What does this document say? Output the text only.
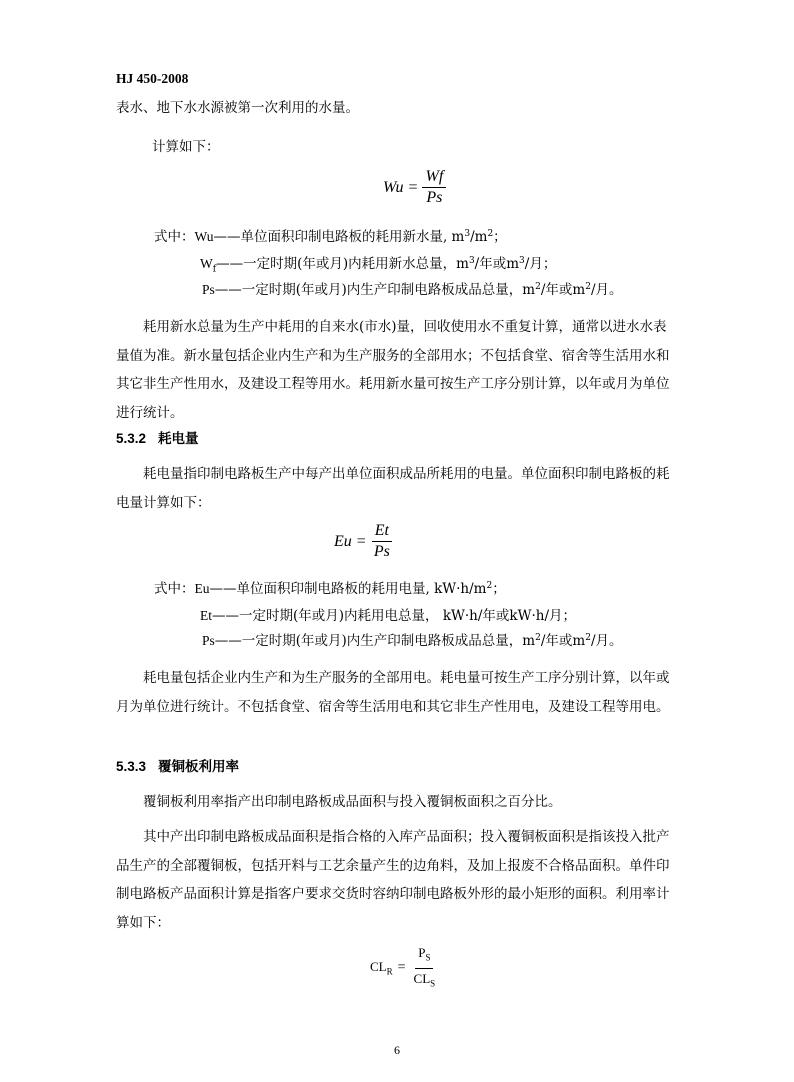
HJ 450-2008
表水、地下水水源被第一次利用的水量。
计算如下：
$Wu = \frac{Wf}{Ps}$
式中：Wu——单位面积印制电路板的耗用新水量, $m^3/m^2$；
$W_f——$一定时期(年或月)内耗用新水总量，$m^3/$年或$m^3/$月；
Ps——一定时期(年或月)内生产印制电路板成品总量，$m^2/$年或$m^2/$月。
耗用新水总量为生产中耗用的自来水(市水)量，回收使用水不重复计算，通常以进水水表量值为准。新水量包括企业内生产和为生产服务的全部用水；不包括食堂、宿舍等生活用水和其它非生产性用水，及建设工程等用水。耗用新水量可按生产工序分别计算，以年或月为单位进行统计。
5.3.2 耗电量
耗电量指印制电路板生产中每产出单位面积成品所耗用的电量。单位面积印制电路板的耗电量计算如下：
$Eu = \frac{Et}{Ps}$
式中：Eu——单位面积印制电路板的耗用电量, $kW\cdot h/m^2$；
Et——一定时期(年或月)内耗用电总量， kW·h/年或kW·h/月；
Ps——一定时期(年或月)内生产印制电路板成品总量，$m^2/$年或$m^2/$月。
耗电量包括企业内生产和为生产服务的全部用电。耗电量可按生产工序分别计算，以年或月为单位进行统计。不包括食堂、宿舍等生活用电和其它非生产性用电，及建设工程等用电。
5.3.3 覆铜板利用率
覆铜板利用率指产出印制电路板成品面积与投入覆铜板面积之百分比。
其中产出印制电路板成品面积是指合格的入库产品面积；投入覆铜板面积是指该投入批产品生产的全部覆铜板，包括开料与工艺余量产生的边角料，及加上报废不合格品面积。单件印制电路板产品面积计算是指客户要求交货时容纳印制电路板外形的最小矩形的面积。利用率计算如下：
$CL_R$ =
$P_S$
$CL_S$
6
